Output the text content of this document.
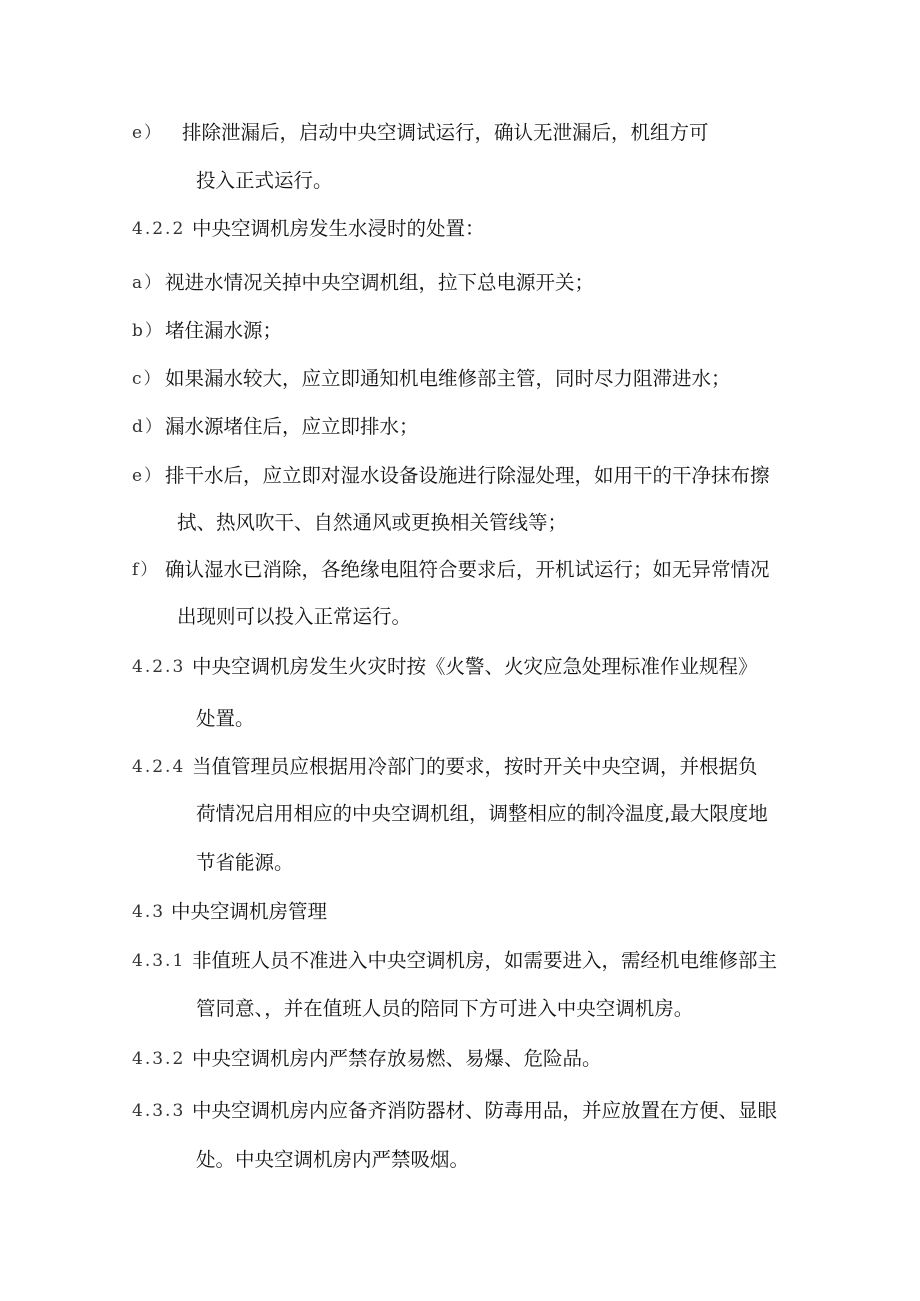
e） 排除泄漏后，启动中央空调试运行，确认无泄漏后，机组方可
投入正式运行。
4.2.2 中央空调机房发生水浸时的处置：
a） 视进水情况关掉中央空调机组，拉下总电源开关；
b） 堵住漏水源；
c） 如果漏水较大，应立即通知机电维修部主管，同时尽力阻滞进水；
d） 漏水源堵住后，应立即排水；
e） 排干水后，应立即对湿水设备设施进行除湿处理，如用干的干净抹布擦
拭、热风吹干、自然通风或更换相关管线等；
f） 确认湿水已消除，各绝缘电阻符合要求后，开机试运行；如无异常情况
出现则可以投入正常运行。
4.2.3 中央空调机房发生火灾时按《火警、火灾应急处理标准作业规程》
处置。
4.2.4 当值管理员应根据用冷部门的要求，按时开关中央空调，并根据负
荷情况启用相应的中央空调机组，调整相应的制冷温度,最大限度地
节省能源。
4.3 中央空调机房管理
4.3.1 非值班人员不准进入中央空调机房，如需要进入，需经机电维修部主
管同意、，并在值班人员的陪同下方可进入中央空调机房。
4.3.2 中央空调机房内严禁存放易燃、易爆、危险品。
4.3.3 中央空调机房内应备齐消防器材、防毒用品，并应放置在方便、显眼
处。中央空调机房内严禁吸烟。
